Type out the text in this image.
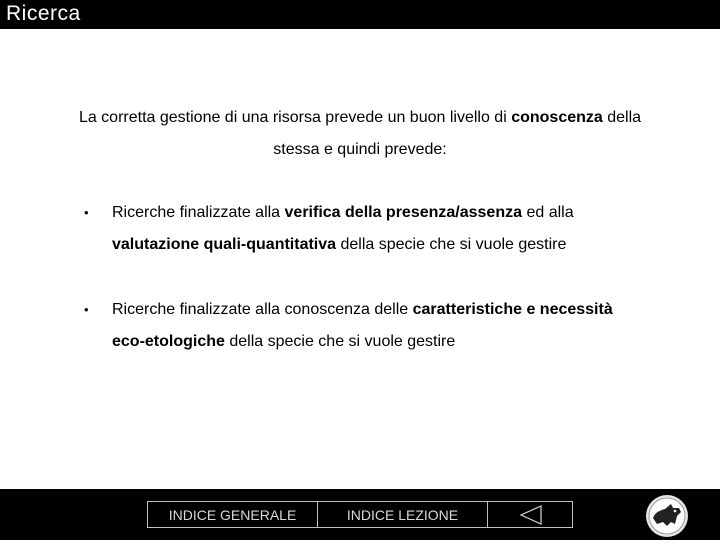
Ricerca
La corretta gestione di una risorsa prevede un buon livello di conoscenza della
stessa e quindi prevede:
• Ricerche finalizzate alla verifica della presenza/assenza ed alla
valutazione quali-quantitativa della specie che si vuole gestire
• Ricerche finalizzate alla conoscenza delle caratteristiche e necessità
eco-etologiche della specie che si vuole gestire
INDICE GENERALE	INDICE LEZIONE
